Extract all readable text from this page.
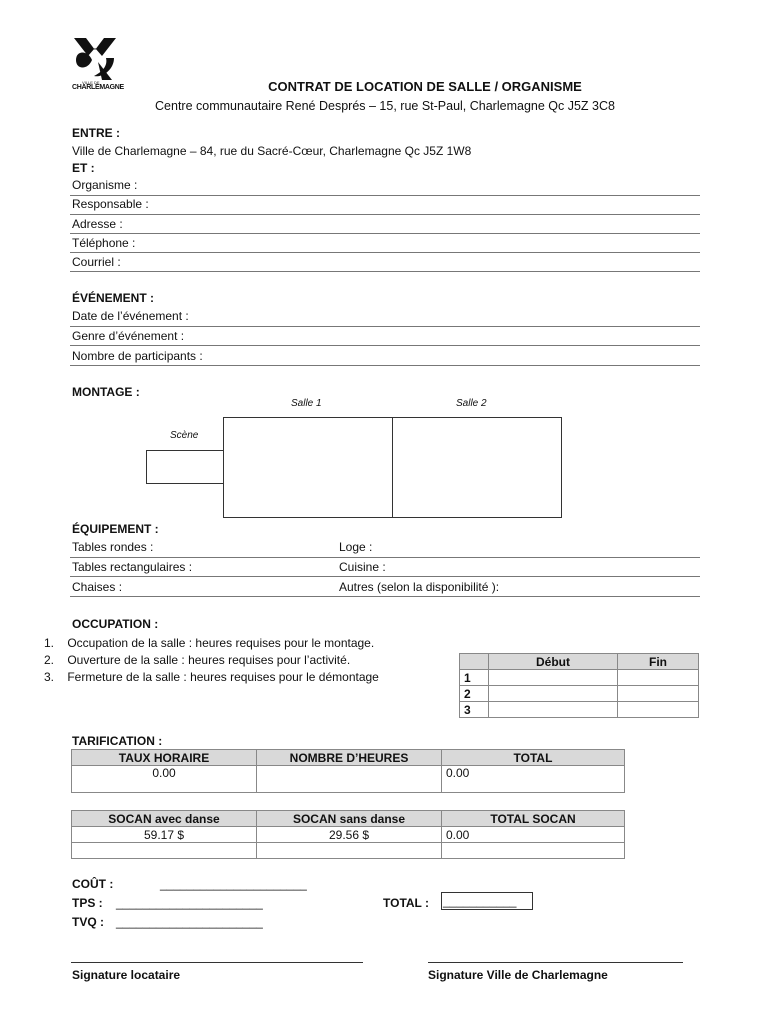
VILLE DE
CHARLEMAGNE	CONTRAT DE LOCATION DE SALLE / ORGANISME
Centre communautaire René Després – 15, rue St-Paul, Charlemagne Qc J5Z 3C8
ENTRE :
Ville de Charlemagne – 84, rue du Sacré-Cœur, Charlemagne Qc J5Z 1W8
ET :
Organisme :
Responsable :
Adresse :
Téléphone :
Courriel :
ÉVÉNEMENT :
Date de l’événement :
Genre d’événement :
Nombre de participants :
MONTAGE :
Salle 1	Salle 2
Scène
ÉQUIPEMENT :
Tables rondes :	Loge :
Tables rectangulaires :	Cuisine :
Chaises :	Autres (selon la disponibilité ):
OCCUPATION :
1.    Occupation de la salle : heures requises pour le montage.
2.    Ouverture de la salle : heures requises pour l’activité.
3.    Fermeture de la salle : heures requises pour le démontage
	Début	Fin
1		
2		
3		
TARIFICATION :
TAUX HORAIRE	NOMBRE D’HEURES	TOTAL
0.00		0.00
SOCAN avec danse	SOCAN sans danse	TOTAL SOCAN
59.17 $	29.56 $	0.00

COÛT :	______________________
TPS : ______________________
TVQ : ______________________
TOTAL : ___________
Signature locataire	Signature Ville de Charlemagne
